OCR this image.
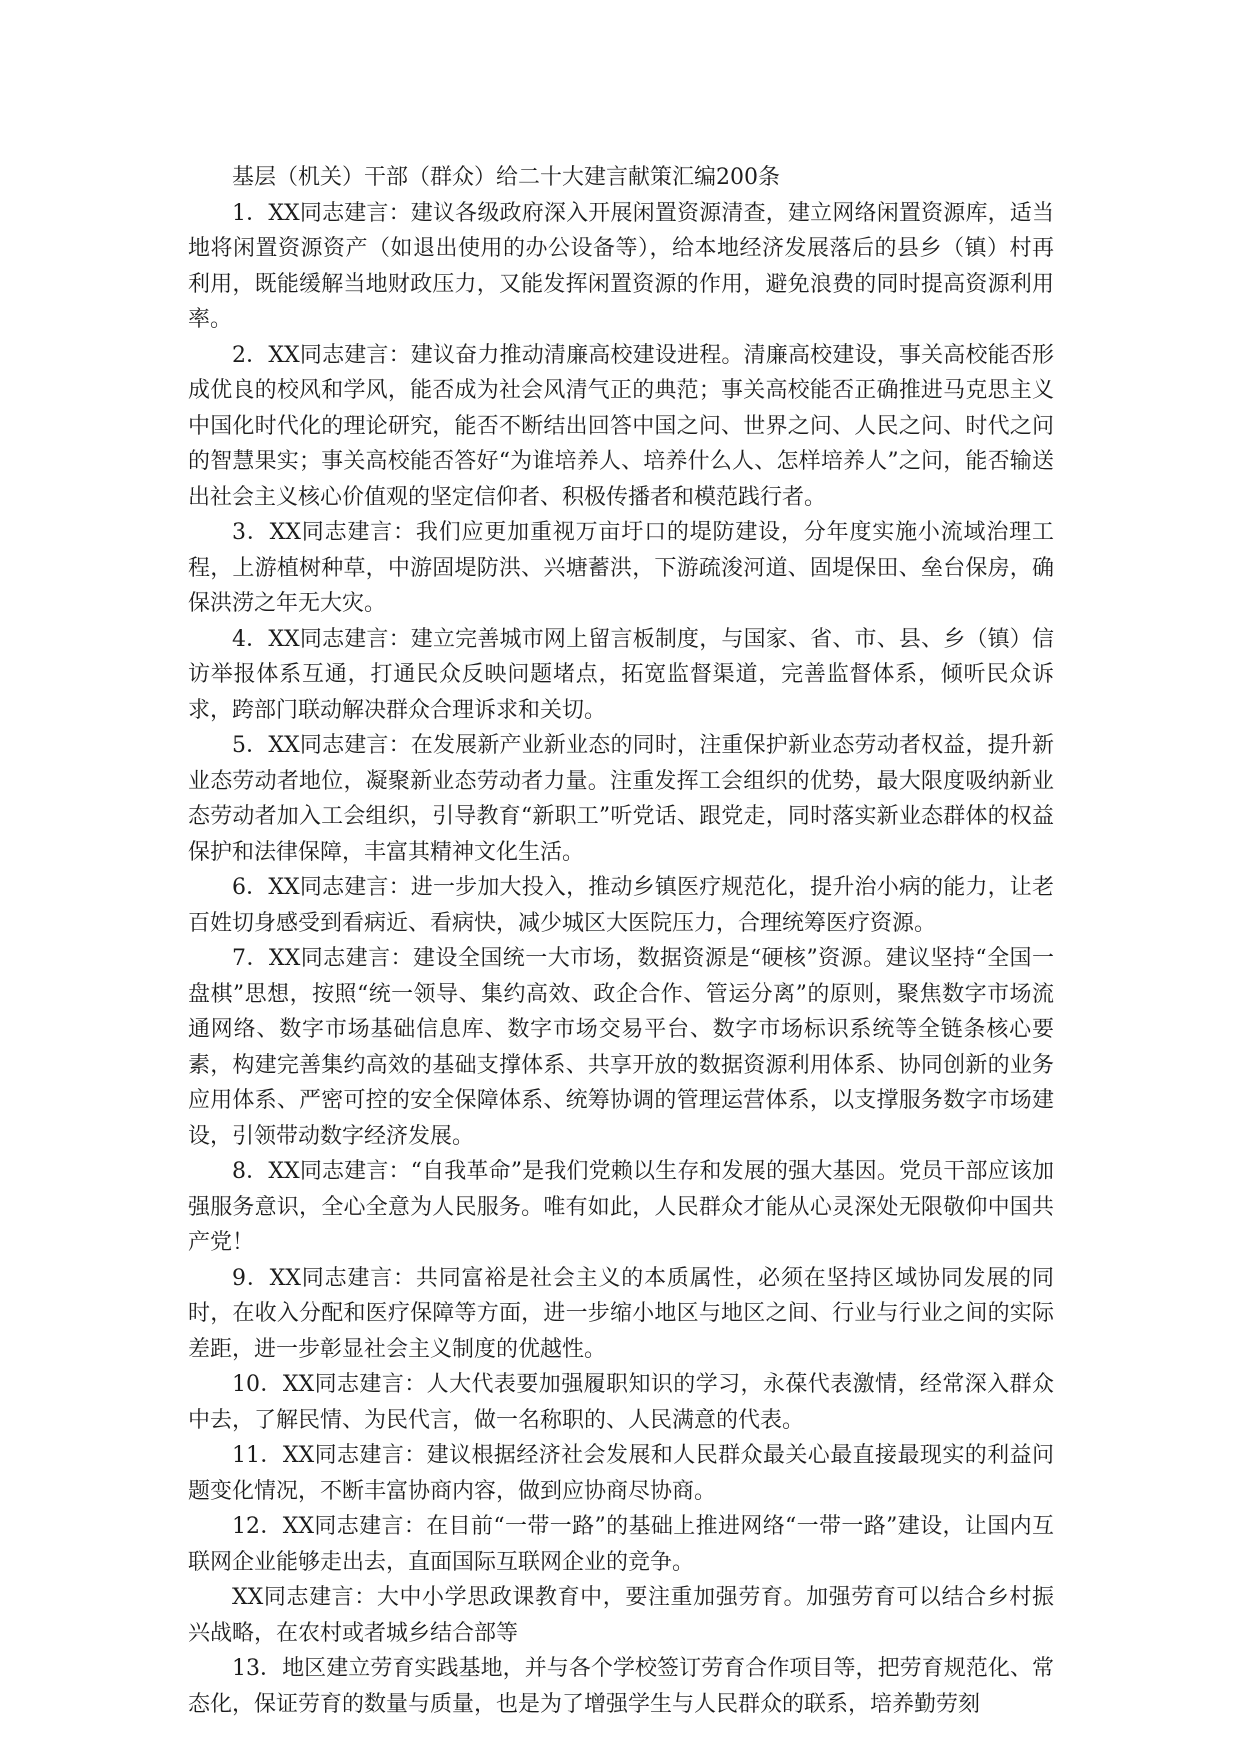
基层（机关）干部（群众）给二十大建言献策汇编200条

1．XX同志建言：建议各级政府深入开展闲置资源清查，建立网络闲置资源库，适当地将闲置资源资产（如退出使用的办公设备等），给本地经济发展落后的县乡（镇）村再利用，既能缓解当地财政压力，又能发挥闲置资源的作用，避免浪费的同时提高资源利用率。

2．XX同志建言：建议奋力推动清廉高校建设进程。清廉高校建设，事关高校能否形成优良的校风和学风，能否成为社会风清气正的典范；事关高校能否正确推进马克思主义中国化时代化的理论研究，能否不断结出回答中国之问、世界之问、人民之问、时代之问的智慧果实；事关高校能否答好“为谁培养人、培养什么人、怎样培养人”之问，能否输送出社会主义核心价值观的坚定信仰者、积极传播者和模范践行者。

3．XX同志建言：我们应更加重视万亩圩口的堤防建设，分年度实施小流域治理工程，上游植树种草，中游固堤防洪、兴塘蓄洪，下游疏浚河道、固堤保田、垒台保房，确保洪涝之年无大灾。

4．XX同志建言：建立完善城市网上留言板制度，与国家、省、市、县、乡（镇）信访举报体系互通，打通民众反映问题堵点，拓宽监督渠道，完善监督体系，倾听民众诉求，跨部门联动解决群众合理诉求和关切。

5．XX同志建言：在发展新产业新业态的同时，注重保护新业态劳动者权益，提升新业态劳动者地位，凝聚新业态劳动者力量。注重发挥工会组织的优势，最大限度吸纳新业态劳动者加入工会组织，引导教育“新职工”听党话、跟党走，同时落实新业态群体的权益保护和法律保障，丰富其精神文化生活。

6．XX同志建言：进一步加大投入，推动乡镇医疗规范化，提升治小病的能力，让老百姓切身感受到看病近、看病快，减少城区大医院压力，合理统筹医疗资源。

7．XX同志建言：建设全国统一大市场，数据资源是“硬核”资源。建议坚持“全国一盘棋”思想，按照“统一领导、集约高效、政企合作、管运分离”的原则，聚焦数字市场流通网络、数字市场基础信息库、数字市场交易平台、数字市场标识系统等全链条核心要素，构建完善集约高效的基础支撑体系、共享开放的数据资源利用体系、协同创新的业务应用体系、严密可控的安全保障体系、统筹协调的管理运营体系，以支撑服务数字市场建设，引领带动数字经济发展。

8．XX同志建言：“自我革命”是我们党赖以生存和发展的强大基因。党员干部应该加强服务意识，全心全意为人民服务。唯有如此，人民群众才能从心灵深处无限敬仰中国共产党！

9．XX同志建言：共同富裕是社会主义的本质属性，必须在坚持区域协同发展的同时，在收入分配和医疗保障等方面，进一步缩小地区与地区之间、行业与行业之间的实际差距，进一步彰显社会主义制度的优越性。

10．XX同志建言：人大代表要加强履职知识的学习，永葆代表激情，经常深入群众中去，了解民情、为民代言，做一名称职的、人民满意的代表。

11．XX同志建言：建议根据经济社会发展和人民群众最关心最直接最现实的利益问题变化情况，不断丰富协商内容，做到应协商尽协商。

12．XX同志建言：在目前“一带一路”的基础上推进网络“一带一路”建设，让国内互联网企业能够走出去，直面国际互联网企业的竞争。

XX同志建言：大中小学思政课教育中，要注重加强劳育。加强劳育可以结合乡村振兴战略，在农村或者城乡结合部等

13．地区建立劳育实践基地，并与各个学校签订劳育合作项目等，把劳育规范化、常态化，保证劳育的数量与质量，也是为了增强学生与人民群众的联系，培养勤劳刻
